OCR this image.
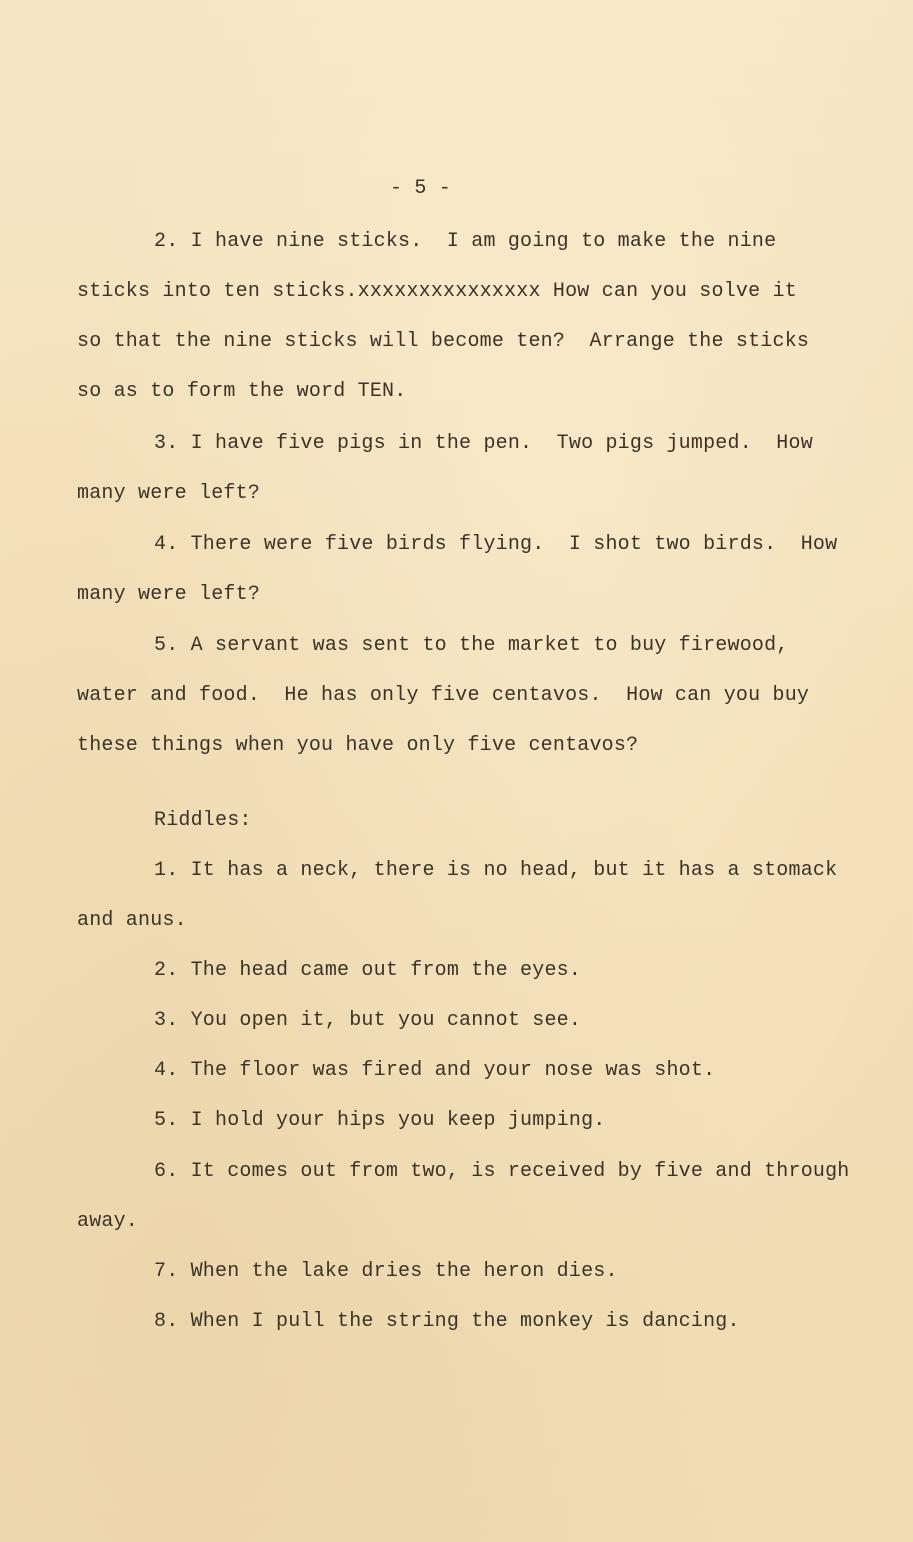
- 5 -
2. I have nine sticks.  I am going to make the nine
sticks into ten sticks.xxxxxxxxxxxxxxx How can you solve it
so that the nine sticks will become ten?  Arrange the sticks
so as to form the word TEN.
3. I have five pigs in the pen.  Two pigs jumped.  How
many were left?
4. There were five birds flying.  I shot two birds.  How
many were left?
5. A servant was sent to the market to buy firewood,
water and food.  He has only five centavos.  How can you buy
these things when you have only five centavos?
Riddles:
1. It has a neck, there is no head, but it has a stomack
and anus.
2. The head came out from the eyes.
3. You open it, but you cannot see.
4. The floor was fired and your nose was shot.
5. I hold your hips you keep jumping.
6. It comes out from two, is received by five and through
away.
7. When the lake dries the heron dies.
8. When I pull the string the monkey is dancing.
